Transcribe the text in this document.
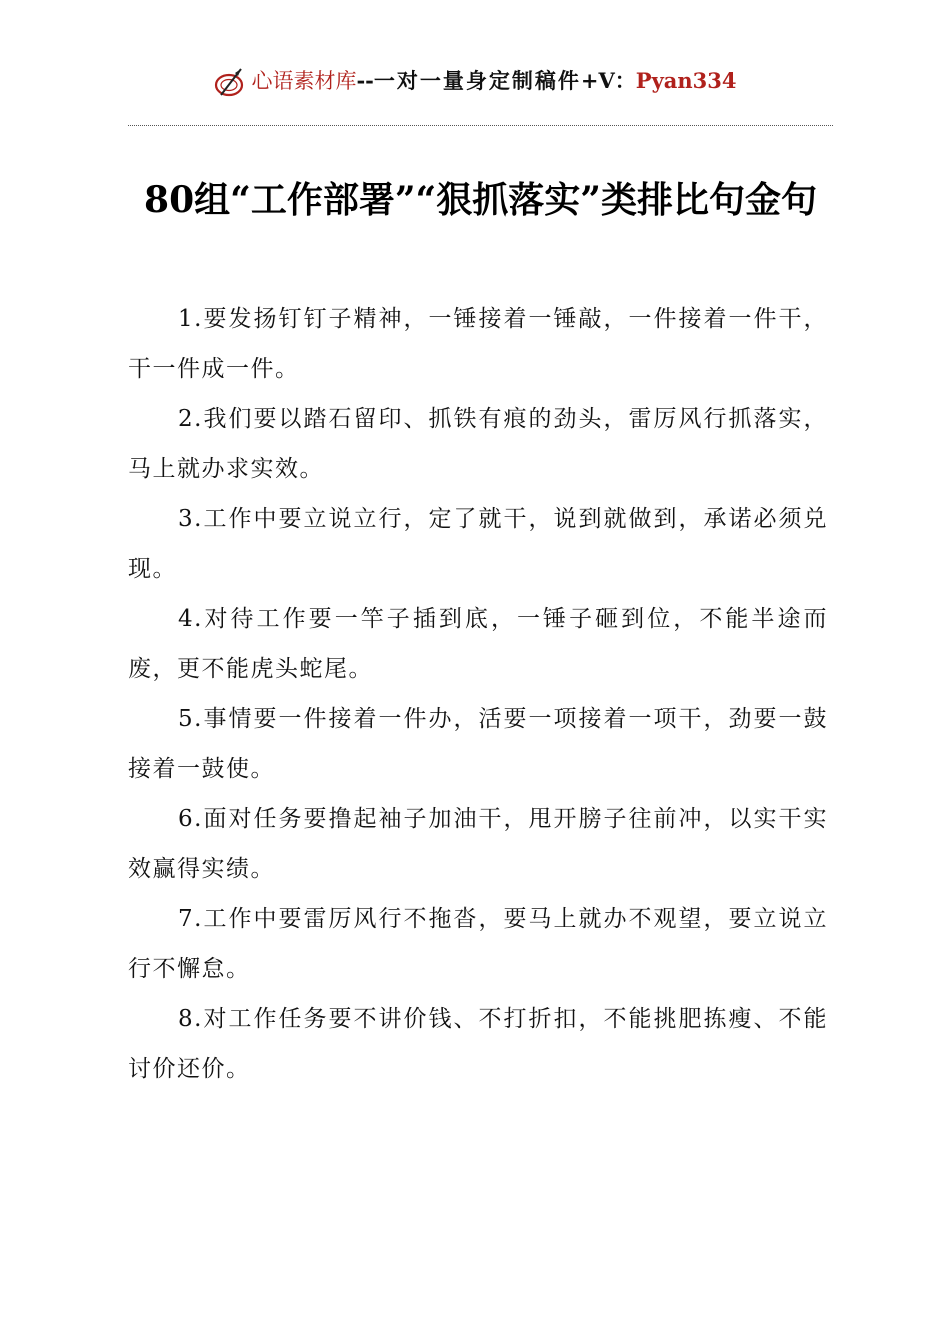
心语素材库--一对一量身定制稿件+V：Pyan334
80组“工作部署”“狠抓落实”类排比句金句

1.要发扬钉钉子精神，一锤接着一锤敲，一件接着一件干，干一件成一件。

2.我们要以踏石留印、抓铁有痕的劲头，雷厉风行抓落实，马上就办求实效。

3.工作中要立说立行，定了就干，说到就做到，承诺必须兑现。

4.对待工作要一竿子插到底，一锤子砸到位，不能半途而废，更不能虎头蛇尾。

5.事情要一件接着一件办，活要一项接着一项干，劲要一鼓接着一鼓使。

6.面对任务要撸起袖子加油干，甩开膀子往前冲，以实干实效赢得实绩。

7.工作中要雷厉风行不拖沓，要马上就办不观望，要立说立行不懈怠。

8.对工作任务要不讲价钱、不打折扣，不能挑肥拣瘦、不能讨价还价。
